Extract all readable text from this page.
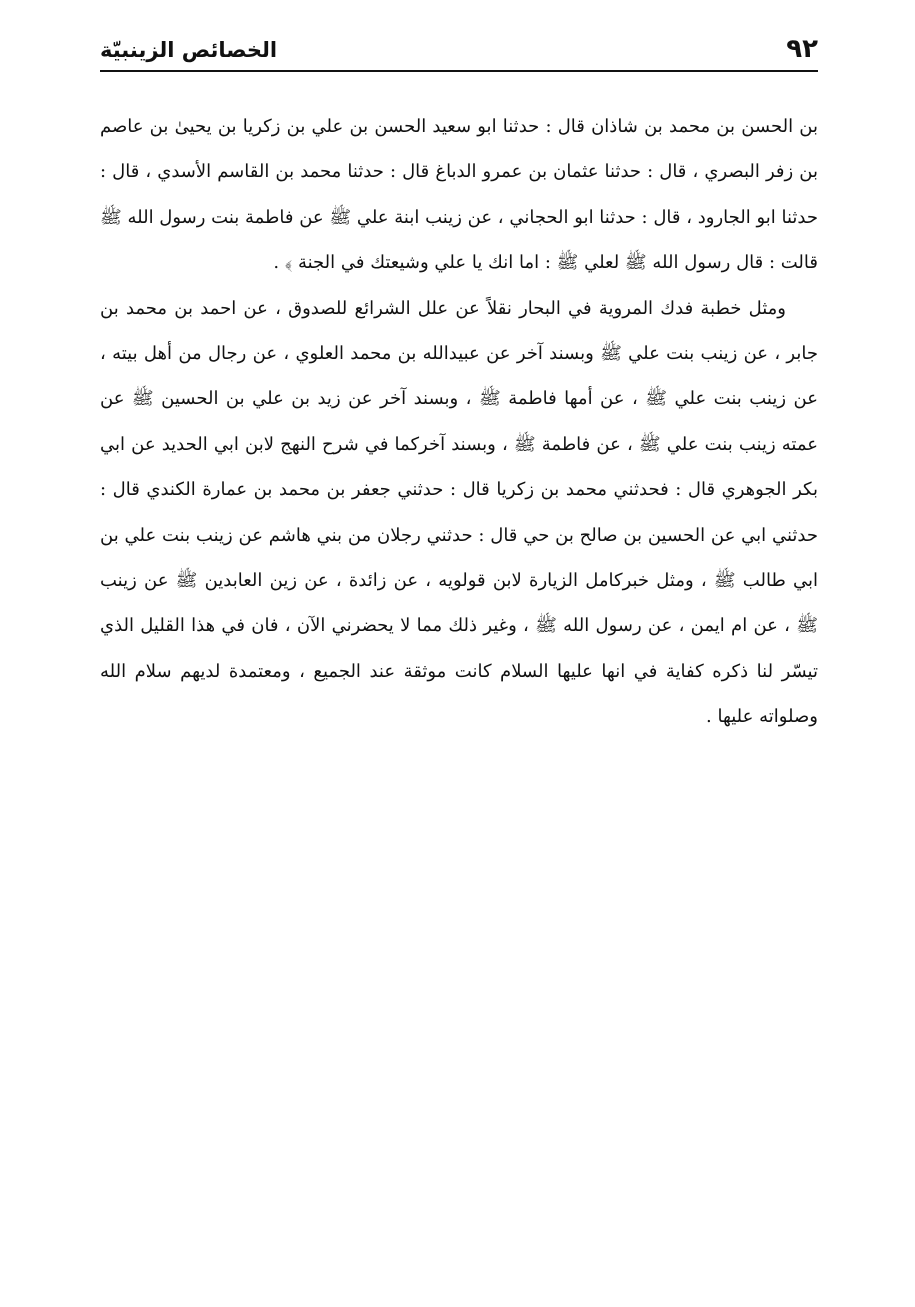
٩٢
الخصائص الزينبيّة

بن الحسن بن محمد بن شاذان قال : حدثنا ابو سعيد الحسن بن علي بن زكريا بن يحيىٰ بن عاصم بن زفر البصري ، قال : حدثنا عثمان بن عمرو الدباغ قال : حدثنا محمد بن القاسم الأسدي ، قال : حدثنا ابو الجارود ، قال : حدثنا ابو الحجاني ، عن زينب ابنة علي ﷺ عن فاطمة بنت رسول الله ﷺ قالت : قال رسول الله ﷺ لعلي ﷺ : اما انك يا علي وشيعتك في الجنة ﴾ .

ومثل خطبة فدك المروية في البحار نقلاً عن علل الشرائع للصدوق ، عن احمد بن محمد بن جابر ، عن زينب بنت علي ﷺ وبسند آخر عن عبيدالله بن محمد العلوي ، عن رجال من أهل بيته ، عن زينب بنت علي ﷺ ، عن أمها فاطمة ﷺ ، وبسند آخر عن زيد بن علي بن الحسين ﷺ عن عمته زينب بنت علي ﷺ ، عن فاطمة ﷺ ، وبسند آخركما في شرح النهج لابن ابي الحديد عن ابي بكر الجوهري قال : فحدثني محمد بن زكريا قال : حدثني جعفر بن محمد بن عمارة الكندي قال : حدثني ابي عن الحسين بن صالح بن حي قال : حدثني رجلان من بني هاشم عن زينب بنت علي بن ابي طالب ﷺ ، ومثل خبركامل الزيارة لابن قولويه ، عن زائدة ، عن زين العابدين ﷺ عن زينب ﷺ ، عن ام ايمن ، عن رسول الله ﷺ ، وغير ذلك مما لا يحضرني الآن ، فان في هذا القليل الذي تيسّر لنا ذكره كفاية في انها عليها السلام كانت موثقة عند الجميع ، ومعتمدة لديهم سلام الله وصلواته عليها .
